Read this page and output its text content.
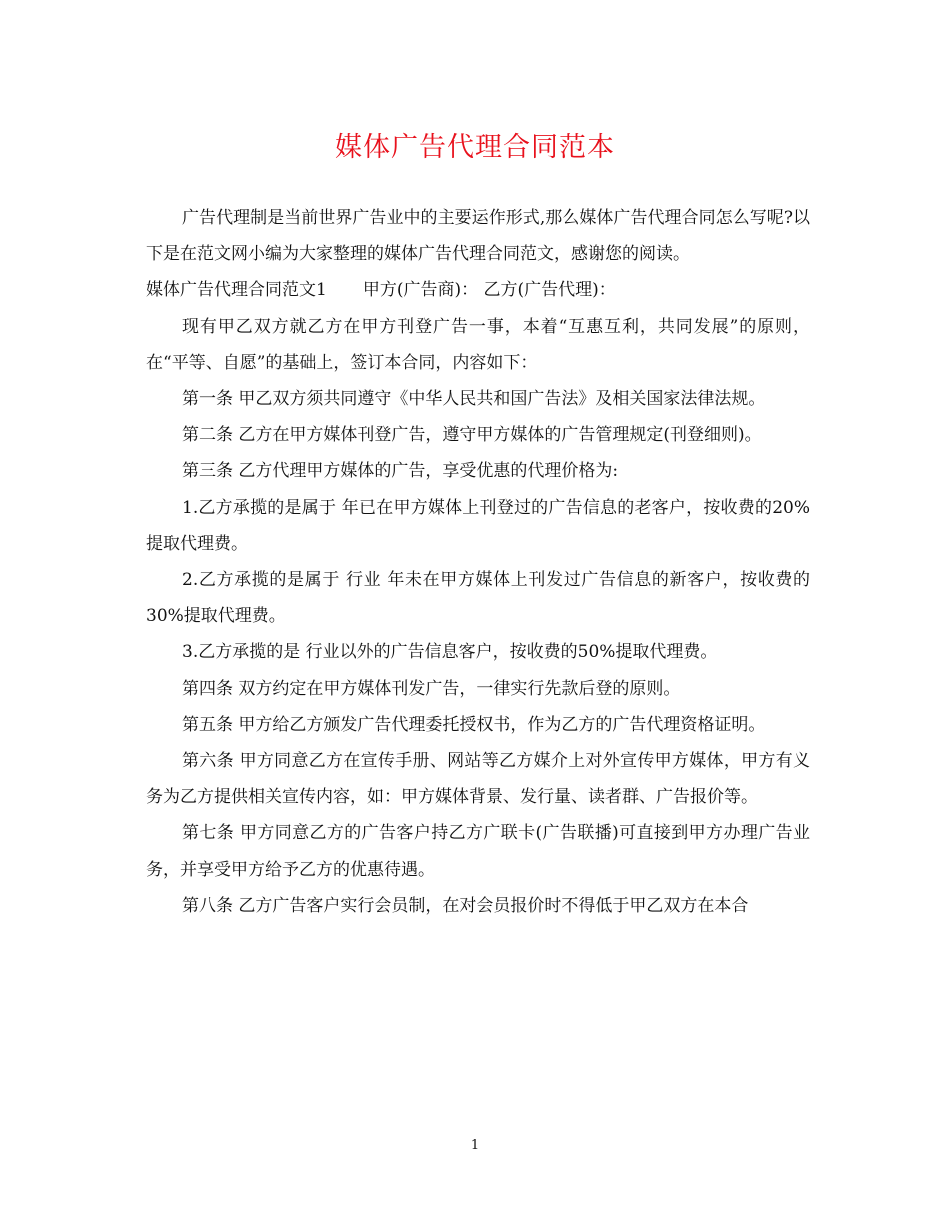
媒体广告代理合同范本

广告代理制是当前世界广告业中的主要运作形式,那么媒体广告代理合同怎么写呢?以下是在范文网小编为大家整理的媒体广告代理合同范文，感谢您的阅读。

媒体广告代理合同范文1 甲方(广告商)： 乙方(广告代理)：

现有甲乙双方就乙方在甲方刊登广告一事，本着“互惠互利，共同发展”的原则，在“平等、自愿”的基础上，签订本合同，内容如下：

第一条 甲乙双方须共同遵守《中华人民共和国广告法》及相关国家法律法规。

第二条 乙方在甲方媒体刊登广告，遵守甲方媒体的广告管理规定(刊登细则)。

第三条 乙方代理甲方媒体的广告，享受优惠的代理价格为:

1.乙方承揽的是属于 年已在甲方媒体上刊登过的广告信息的老客户，按收费的20%提取代理费。

2.乙方承揽的是属于 行业 年未在甲方媒体上刊发过广告信息的新客户，按收费的30%提取代理费。

3.乙方承揽的是 行业以外的广告信息客户，按收费的50%提取代理费。

第四条 双方约定在甲方媒体刊发广告，一律实行先款后登的原则。

第五条 甲方给乙方颁发广告代理委托授权书，作为乙方的广告代理资格证明。

第六条 甲方同意乙方在宣传手册、网站等乙方媒介上对外宣传甲方媒体，甲方有义务为乙方提供相关宣传内容，如：甲方媒体背景、发行量、读者群、广告报价等。

第七条 甲方同意乙方的广告客户持乙方广联卡(广告联播)可直接到甲方办理广告业务，并享受甲方给予乙方的优惠待遇。

第八条 乙方广告客户实行会员制，在对会员报价时不得低于甲乙双方在本合

1
